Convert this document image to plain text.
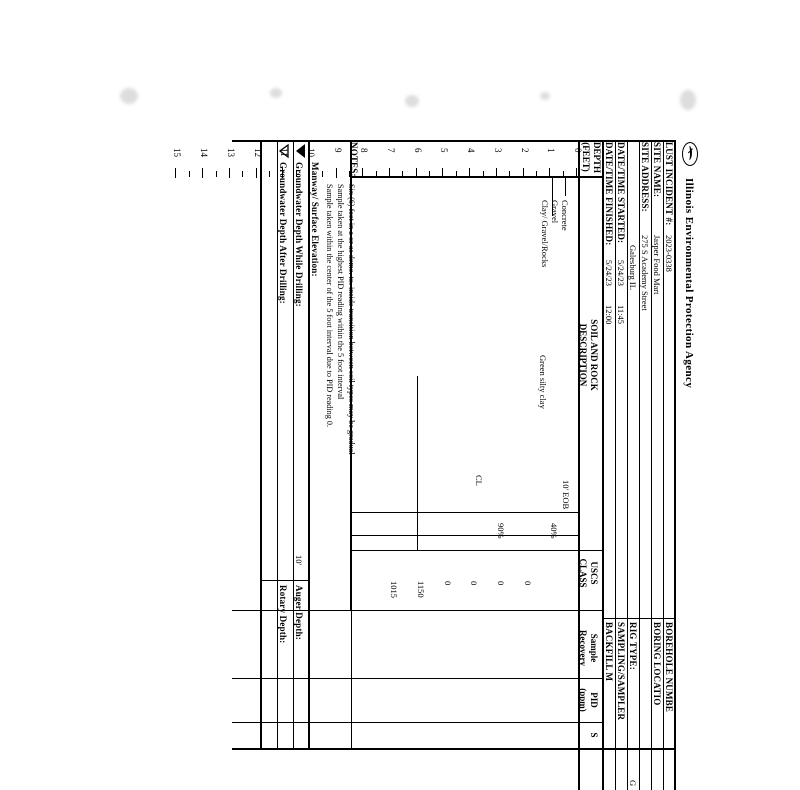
Illinois Environmental Protection Agency
LUST INCIDENT #:
2023-0338
SITE NAME:
Jasper Food Mart
SITE ADDRESS:
275 S Academy Street
Galesburg IL
DATE/TIME STARTED:
5/24/23
11:45
DATE/TIME FINISHED:
5/24/23
12:00
BOREHOLE NUMBE
BORING LOCATIO
RIG TYPE:
G
SAMPLING/SAMPLER
BACKFILL M
DEPTH
(FEET)
SOIL AND ROCK
DESCRIPTION
USCS
CLASS
Sample
Recovery
PID
(ppm)
S
0
1
2
3
4
5
6
7
8
9
10
11
12
13
14
15
Concrete
Gravel
Clay/ Gravel/Rocks
Green silty clay
10' EOB
CL
40%
90%
0
0
0
0
1150
1015
NOTES:
Six (6) feet in a or as deme. to. inside transition between soil types may be gradual
Sample taken at the highest PID reading within the 5 foot interval
Sample taken within the center of the 5 foot interval due to PID reading 0.
Manway/ Surface Elevation:
Groundwater Depth While Drilling:
10'
Groundwater Depth After Drilling:
Auger Depth:
Rotary Depth:
